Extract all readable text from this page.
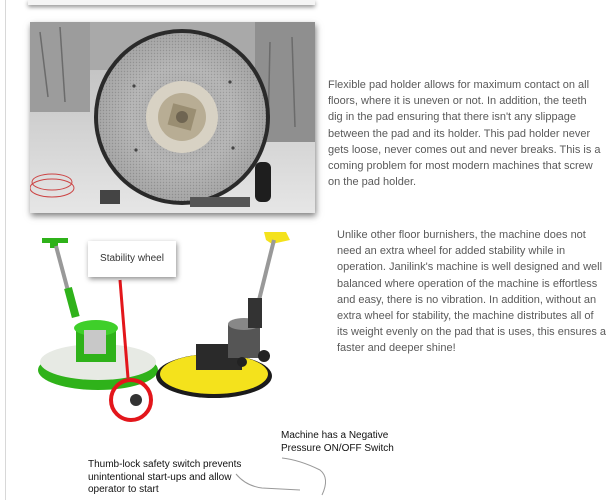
Flexible pad holder allows for maximum contact on all floors, where it is uneven or not. In addition, the teeth dig in the pad ensuring that there isn't any slippage between the pad and its holder. This pad holder never gets loose, never comes out and never breaks. This is a coming problem for most modern machines that screw on the pad holder.

Stability wheel

Unlike other floor burnishers, the machine does not need an extra wheel for added stability while in operation. Janilink's machine is well designed and well balanced where operation of the machine is effortless and easy, there is no vibration. In addition, without an extra wheel for stability, the machine distributes all of its weight evenly on the pad that is uses, this ensures a faster and deeper shine!

Machine has a Negative Pressure ON/OFF Switch

Thumb-lock safety switch prevents unintentional start-ups and allow operator to start
